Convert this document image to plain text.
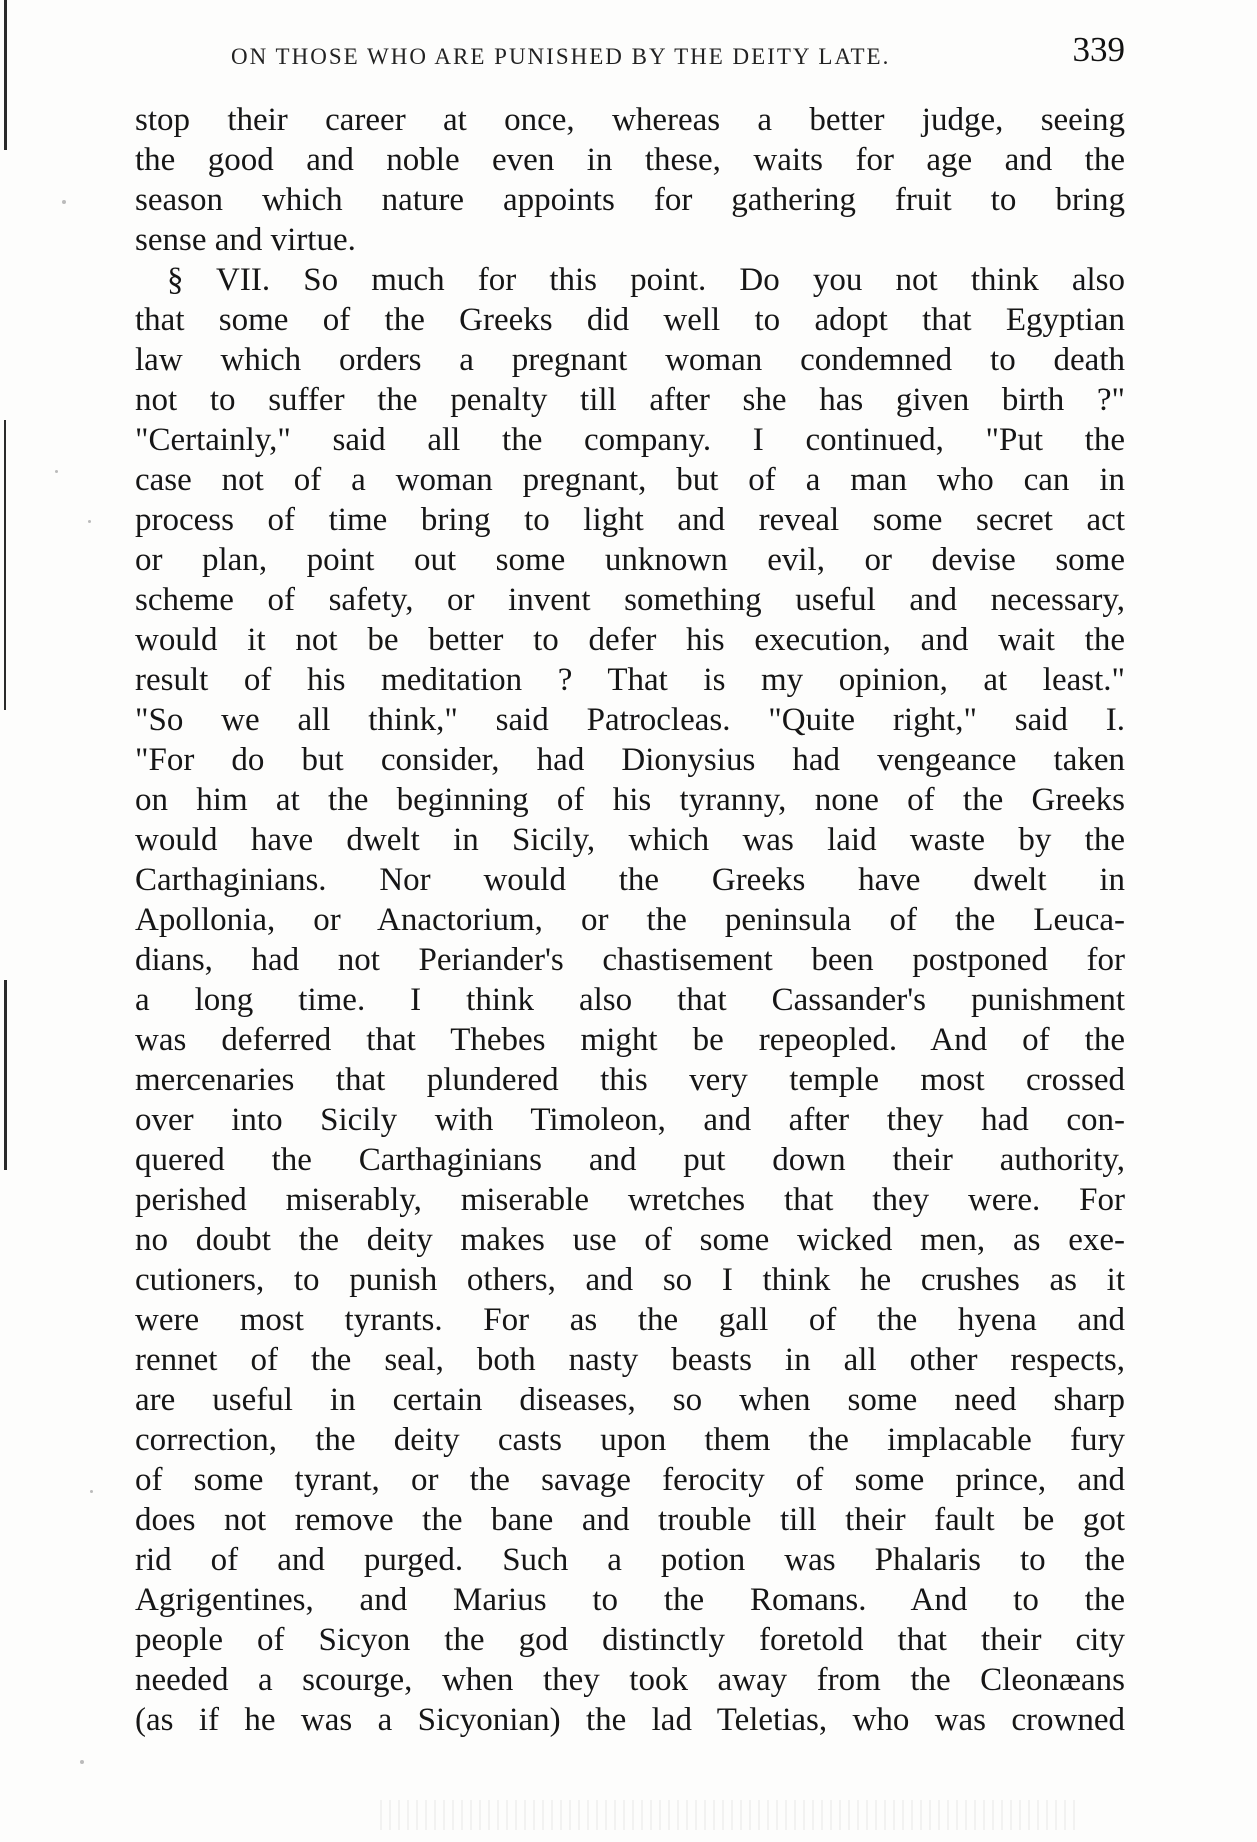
ON THOSE WHO ARE PUNISHED BY THE DEITY LATE.	339
stop their career at once, whereas a better judge, seeing
the good and noble even in these, waits for age and the
season which nature appoints for gathering fruit to bring
sense and virtue.
§ VII. So much for this point. Do you not think also
that some of the Greeks did well to adopt that Egyptian
law which orders a pregnant woman condemned to death
not to suffer the penalty till after she has given birth ?"
"Certainly," said all the company. I continued, "Put the
case not of a woman pregnant, but of a man who can in
process of time bring to light and reveal some secret act
or plan, point out some unknown evil, or devise some
scheme of safety, or invent something useful and necessary,
would it not be better to defer his execution, and wait the
result of his meditation ? That is my opinion, at least."
"So we all think," said Patrocleas. "Quite right," said I.
"For do but consider, had Dionysius had vengeance taken
on him at the beginning of his tyranny, none of the Greeks
would have dwelt in Sicily, which was laid waste by the
Carthaginians. Nor would the Greeks have dwelt in
Apollonia, or Anactorium, or the peninsula of the Leuca-
dians, had not Periander's chastisement been postponed for
a long time. I think also that Cassander's punishment
was deferred that Thebes might be repeopled. And of the
mercenaries that plundered this very temple most crossed
over into Sicily with Timoleon, and after they had con-
quered the Carthaginians and put down their authority,
perished miserably, miserable wretches that they were. For
no doubt the deity makes use of some wicked men, as exe-
cutioners, to punish others, and so I think he crushes as it
were most tyrants. For as the gall of the hyena and
rennet of the seal, both nasty beasts in all other respects,
are useful in certain diseases, so when some need sharp
correction, the deity casts upon them the implacable fury
of some tyrant, or the savage ferocity of some prince, and
does not remove the bane and trouble till their fault be got
rid of and purged. Such a potion was Phalaris to the
Agrigentines, and Marius to the Romans. And to the
people of Sicyon the god distinctly foretold that their city
needed a scourge, when they took away from the Cleonæans
(as if he was a Sicyonian) the lad Teletias, who was crowned
